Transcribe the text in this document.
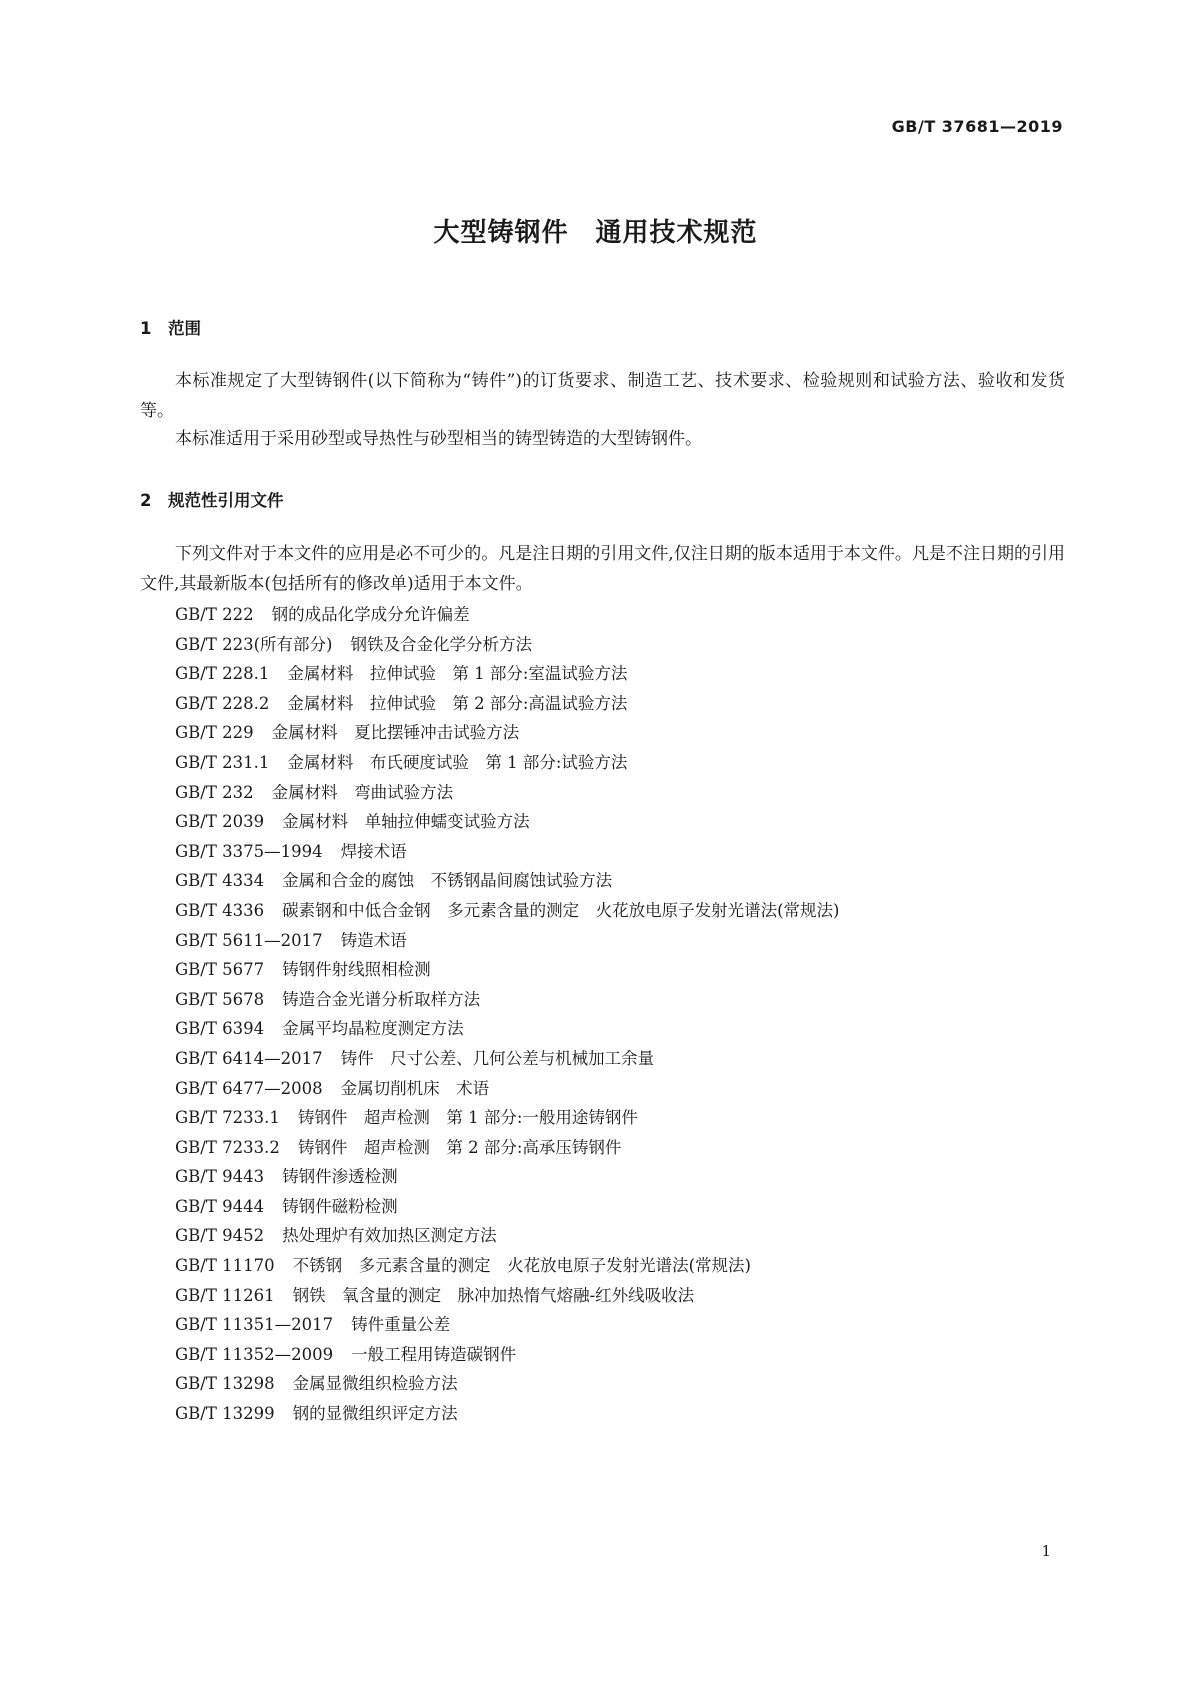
GB/T 37681—2019
大型铸钢件　通用技术规范
1　范围

本标准规定了大型铸钢件(以下简称为“铸件”)的订货要求、制造工艺、技术要求、检验规则和试验方法、验收和发货等。

本标准适用于采用砂型或导热性与砂型相当的铸型铸造的大型铸钢件。

2　规范性引用文件

下列文件对于本文件的应用是必不可少的。凡是注日期的引用文件,仅注日期的版本适用于本文件。凡是不注日期的引用文件,其最新版本(包括所有的修改单)适用于本文件。

GB/T 222 钢的成品化学成分允许偏差
GB/T 223(所有部分) 钢铁及合金化学分析方法
GB/T 228.1 金属材料　拉伸试验　第 1 部分:室温试验方法
GB/T 228.2 金属材料　拉伸试验　第 2 部分:高温试验方法
GB/T 229 金属材料　夏比摆锤冲击试验方法
GB/T 231.1 金属材料　布氏硬度试验　第 1 部分:试验方法
GB/T 232 金属材料　弯曲试验方法
GB/T 2039 金属材料　单轴拉伸蠕变试验方法
GB/T 3375—1994 焊接术语
GB/T 4334 金属和合金的腐蚀　不锈钢晶间腐蚀试验方法
GB/T 4336 碳素钢和中低合金钢　多元素含量的测定　火花放电原子发射光谱法(常规法)
GB/T 5611—2017 铸造术语
GB/T 5677 铸钢件射线照相检测
GB/T 5678 铸造合金光谱分析取样方法
GB/T 6394 金属平均晶粒度测定方法
GB/T 6414—2017 铸件　尺寸公差、几何公差与机械加工余量
GB/T 6477—2008 金属切削机床　术语
GB/T 7233.1 铸钢件　超声检测　第 1 部分:一般用途铸钢件
GB/T 7233.2 铸钢件　超声检测　第 2 部分:高承压铸钢件
GB/T 9443 铸钢件渗透检测
GB/T 9444 铸钢件磁粉检测
GB/T 9452 热处理炉有效加热区测定方法
GB/T 11170 不锈钢　多元素含量的测定　火花放电原子发射光谱法(常规法)
GB/T 11261 钢铁　氧含量的测定　脉冲加热惰气熔融-红外线吸收法
GB/T 11351—2017 铸件重量公差
GB/T 11352—2009 一般工程用铸造碳钢件
GB/T 13298 金属显微组织检验方法
GB/T 13299 钢的显微组织评定方法
1
